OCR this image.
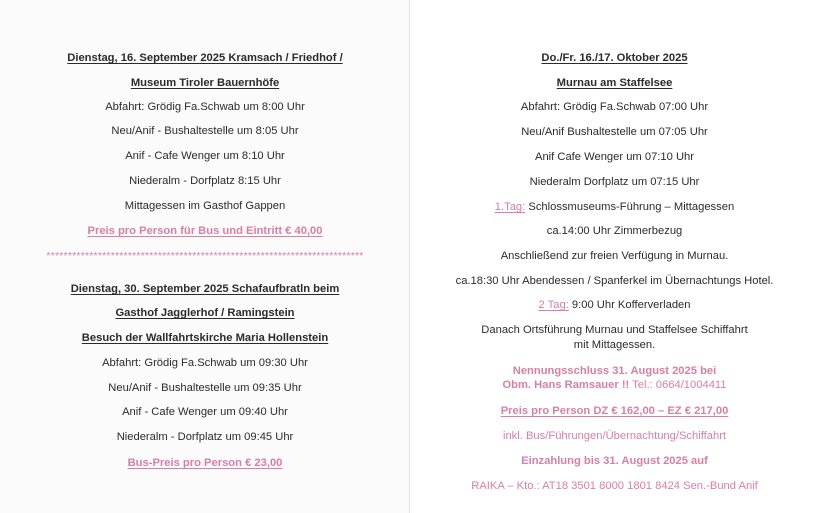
Dienstag, 16. September 2025 Kramsach / Friedhof /
Museum Tiroler Bauernhöfe
Abfahrt: Grödig Fa.Schwab um 8:00 Uhr
Neu/Anif - Bushaltestelle um 8:05 Uhr
Anif - Cafe Wenger um 8:10 Uhr
Niederalm - Dorfplatz 8:15 Uhr
Mittagessen im Gasthof Gappen
Preis pro Person für Bus und Eintritt € 40,00
**************************************************************************
Dienstag, 30. September 2025 Schafaufbratln beim
Gasthof Jagglerhof / Ramingstein
Besuch der Wallfahrtskirche Maria Hollenstein
Abfahrt: Grödig Fa.Schwab um 09:30 Uhr
Neu/Anif - Bushaltestelle um 09:35 Uhr
Anif - Cafe Wenger um 09:40 Uhr
Niederalm - Dorfplatz um 09:45 Uhr
Bus-Preis pro Person € 23,00
Do./Fr. 16./17. Oktober 2025
Murnau am Staffelsee
Abfahrt: Grödig Fa.Schwab 07:00 Uhr
Neu/Anif Bushaltestelle um 07:05 Uhr
Anif Cafe Wenger um 07:10 Uhr
Niederalm Dorfplatz um 07:15 Uhr
1.Tag: Schlossmuseums-Führung – Mittagessen
ca.14:00 Uhr Zimmerbezug
Anschließend zur freien Verfügung in Murnau.
ca.18:30 Uhr Abendessen / Spanferkel im Übernachtungs Hotel.
2 Tag: 9:00 Uhr Kofferverladen
Danach Ortsführung Murnau und Staffelsee Schiffahrt
mit Mittagessen.
Nennungsschluss 31. August 2025 bei
Obm. Hans Ramsauer !! Tel.: 0664/1004411
Preis pro Person DZ € 162,00 – EZ € 217,00
inkl. Bus/Führungen/Übernachtung/Schiffahrt
Einzahlung bis 31. August 2025 auf
RAIKA – Kto.: AT18 3501 8000 1801 8424 Sen.-Bund Anif
